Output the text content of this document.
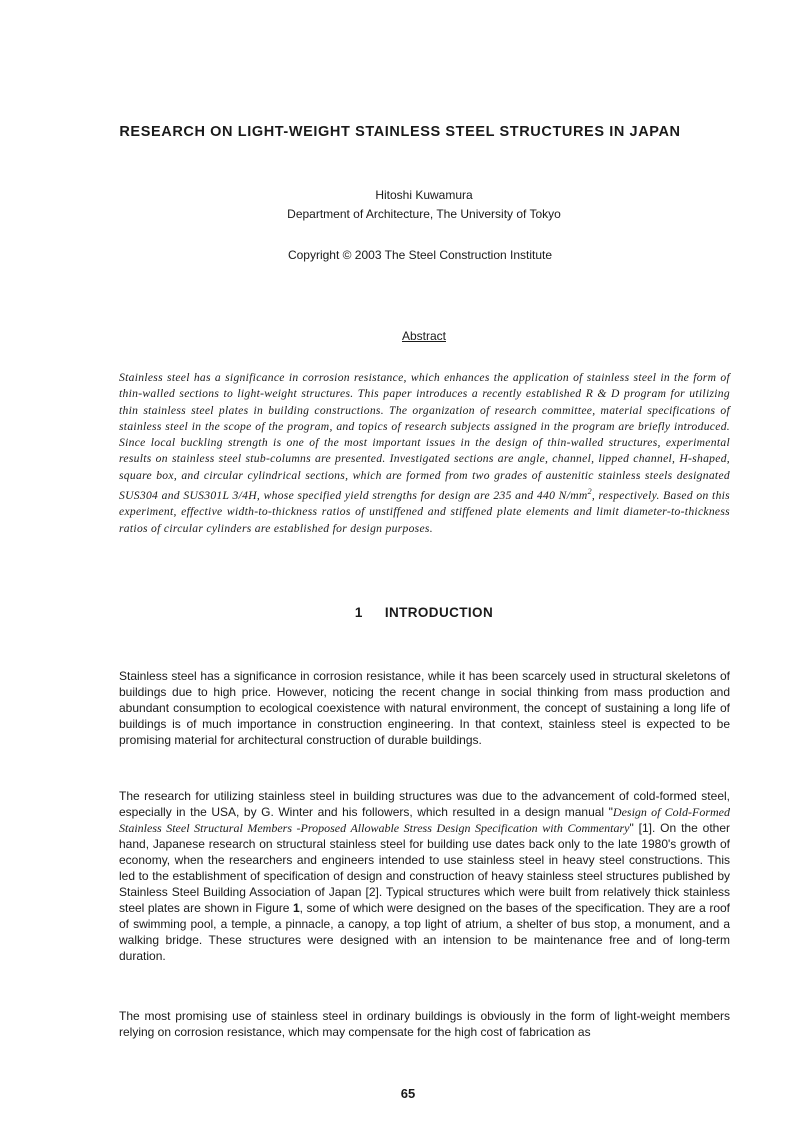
RESEARCH ON LIGHT-WEIGHT STAINLESS STEEL STRUCTURES IN JAPAN
Hitoshi Kuwamura
Department of Architecture, The University of Tokyo
Copyright © 2003 The Steel Construction Institute
Abstract
Stainless steel has a significance in corrosion resistance, which enhances the application of stainless steel in the form of thin-walled sections to light-weight structures. This paper introduces a recently established R & D program for utilizing thin stainless steel plates in building constructions. The organization of research committee, material specifications of stainless steel in the scope of the program, and topics of research subjects assigned in the program are briefly introduced. Since local buckling strength is one of the most important issues in the design of thin-walled structures, experimental results on stainless steel stub-columns are presented. Investigated sections are angle, channel, lipped channel, H-shaped, square box, and circular cylindrical sections, which are formed from two grades of austenitic stainless steels designated SUS304 and SUS301L 3/4H, whose specified yield strengths for design are 235 and 440 $N/mm^2$, respectively. Based on this experiment, effective width-to-thickness ratios of unstiffened and stiffened plate elements and limit diameter-to-thickness ratios of circular cylinders are established for design purposes.
1 INTRODUCTION
Stainless steel has a significance in corrosion resistance, while it has been scarcely used in structural skeletons of buildings due to high price. However, noticing the recent change in social thinking from mass production and abundant consumption to ecological coexistence with natural environment, the concept of sustaining a long life of buildings is of much importance in construction engineering. In that context, stainless steel is expected to be promising material for architectural construction of durable buildings.
The research for utilizing stainless steel in building structures was due to the advancement of cold-formed steel, especially in the USA, by G. Winter and his followers, which resulted in a design manual "Design of Cold-Formed Stainless Steel Structural Members -Proposed Allowable Stress Design Specification with Commentary" [1]. On the other hand, Japanese research on structural stainless steel for building use dates back only to the late 1980's growth of economy, when the researchers and engineers intended to use stainless steel in heavy steel constructions. This led to the establishment of specification of design and construction of heavy stainless steel structures published by Stainless Steel Building Association of Japan [2]. Typical structures which were built from relatively thick stainless steel plates are shown in Figure 1, some of which were designed on the bases of the specification. They are a roof of swimming pool, a temple, a pinnacle, a canopy, a top light of atrium, a shelter of bus stop, a monument, and a walking bridge. These structures were designed with an intension to be maintenance free and of long-term duration.
The most promising use of stainless steel in ordinary buildings is obviously in the form of light-weight members relying on corrosion resistance, which may compensate for the high cost of fabrication as
65
